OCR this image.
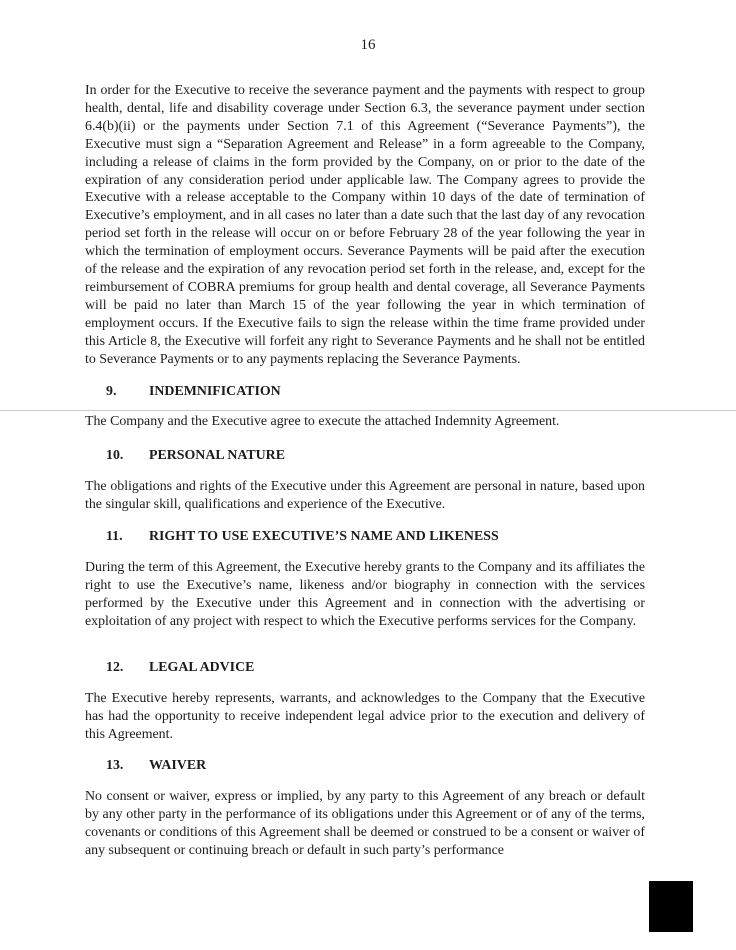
16

In order for the Executive to receive the severance payment and the payments with respect to group health, dental, life and disability coverage under Section 6.3, the severance payment under section 6.4(b)(ii) or the payments under Section 7.1 of this Agreement (“Severance Payments”), the Executive must sign a “Separation Agreement and Release” in a form agreeable to the Company, including a release of claims in the form provided by the Company, on or prior to the date of the expiration of any consideration period under applicable law. The Company agrees to provide the Executive with a release acceptable to the Company within 10 days of the date of termination of Executive’s employment, and in all cases no later than a date such that the last day of any revocation period set forth in the release will occur on or before February 28 of the year following the year in which the termination of employment occurs. Severance Payments will be paid after the execution of the release and the expiration of any revocation period set forth in the release, and, except for the reimbursement of COBRA premiums for group health and dental coverage, all Severance Payments will be paid no later than March 15 of the year following the year in which termination of employment occurs. If the Executive fails to sign the release within the time frame provided under this Article 8, the Executive will forfeit any right to Severance Payments and he shall not be entitled to Severance Payments or to any payments replacing the Severance Payments.

9. INDEMNIFICATION

The Company and the Executive agree to execute the attached Indemnity Agreement.

10. PERSONAL NATURE

The obligations and rights of the Executive under this Agreement are personal in nature, based upon the singular skill, qualifications and experience of the Executive.

11. RIGHT TO USE EXECUTIVE’S NAME AND LIKENESS

During the term of this Agreement, the Executive hereby grants to the Company and its affiliates the right to use the Executive’s name, likeness and/or biography in connection with the services performed by the Executive under this Agreement and in connection with the advertising or exploitation of any project with respect to which the Executive performs services for the Company.

12. LEGAL ADVICE

The Executive hereby represents, warrants, and acknowledges to the Company that the Executive has had the opportunity to receive independent legal advice prior to the execution and delivery of this Agreement.

13. WAIVER

No consent or waiver, express or implied, by any party to this Agreement of any breach or default by any other party in the performance of its obligations under this Agreement or of any of the terms, covenants or conditions of this Agreement shall be deemed or construed to be a consent or waiver of any subsequent or continuing breach or default in such party’s performance
